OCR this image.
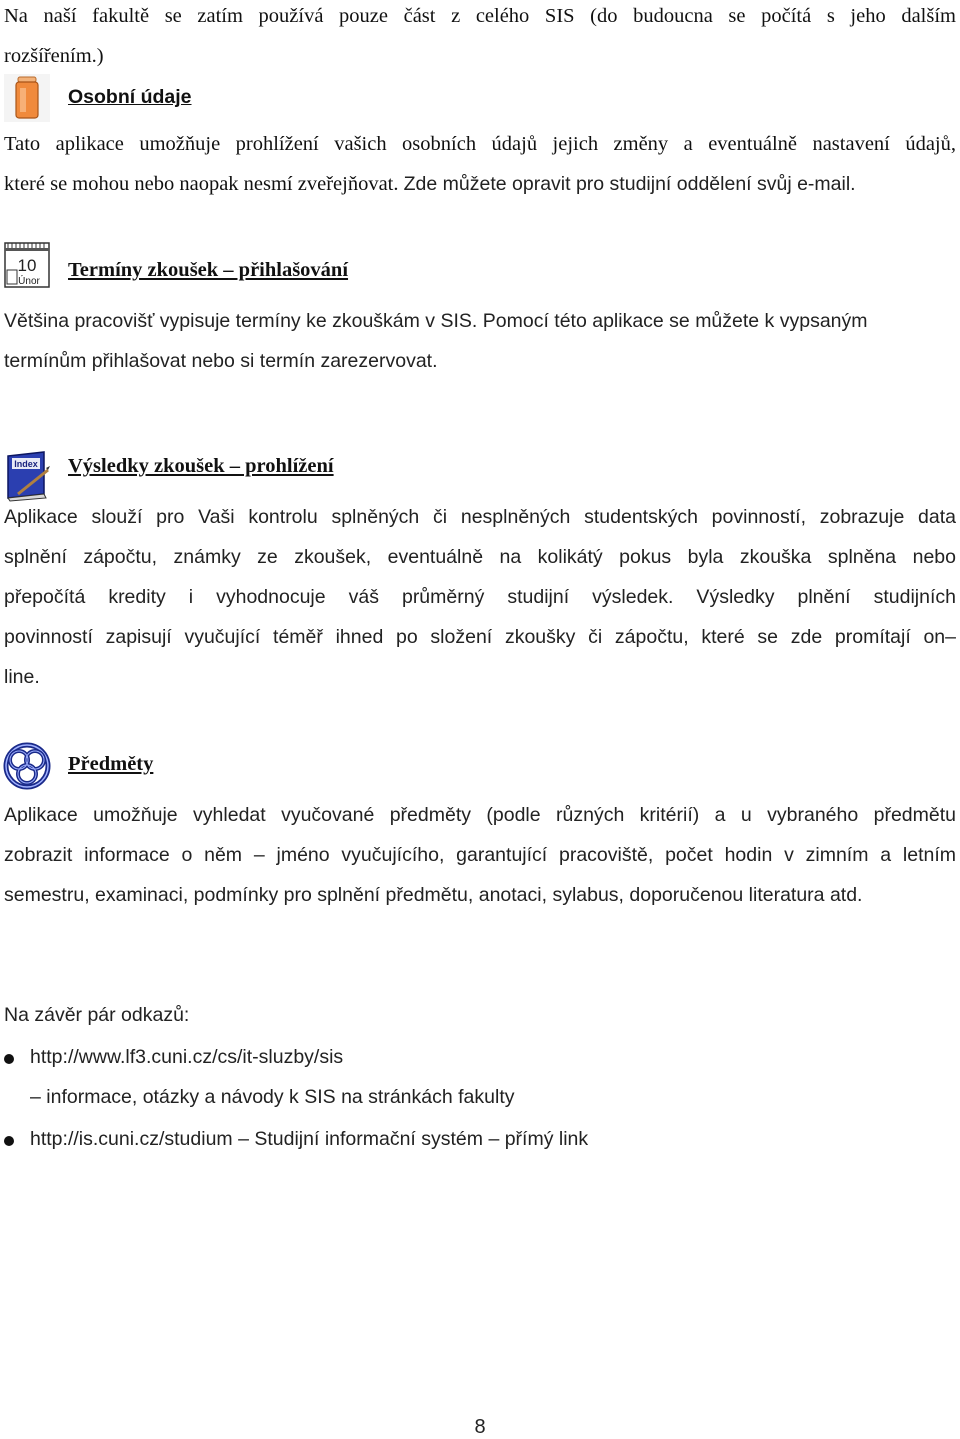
Na naší fakultě se zatím používá pouze část z celého SIS (do budoucna se počítá s jeho dalším
rozšířením.)
Osobní údaje
Tato aplikace umožňuje prohlížení vašich osobních údajů jejich změny a eventuálně nastavení údajů,
které se mohou nebo naopak nesmí zveřejňovat. Zde můžete opravit pro studijní oddělení svůj e-mail.
10
Únor
Termíny zkoušek – přihlašování
Většina pracovišť vypisuje termíny ke zkouškám v SIS. Pomocí této aplikace se můžete k vypsaným
termínům přihlašovat nebo si termín zarezervovat.
Index Výsledky zkoušek – prohlížení
Aplikace slouží pro Vaši kontrolu splněných či nesplněných studentských povinností, zobrazuje data
splnění zápočtu, známky ze zkoušek, eventuálně na kolikátý pokus byla zkouška splněna nebo
přepočítá kredity i vyhodnocuje váš průměrný studijní výsledek. Výsledky plnění studijních
povinností zapisují vyučující téměř ihned po složení zkoušky či zápočtu, které se zde promítají on–
line.
Předměty
Aplikace umožňuje vyhledat vyučované předměty (podle různých kritérií) a u vybraného předmětu
zobrazit informace o něm – jméno vyučujícího, garantující pracoviště, počet hodin v zimním a letním
semestru, examinaci, podmínky pro splnění předmětu, anotaci, sylabus, doporučenou literatura atd.
Na závěr pár odkazů:
http://www.lf3.cuni.cz/cs/it-sluzby/sis
– informace, otázky a návody k SIS na stránkách fakulty
http://is.cuni.cz/studium – Studijní informační systém – přímý link
8
